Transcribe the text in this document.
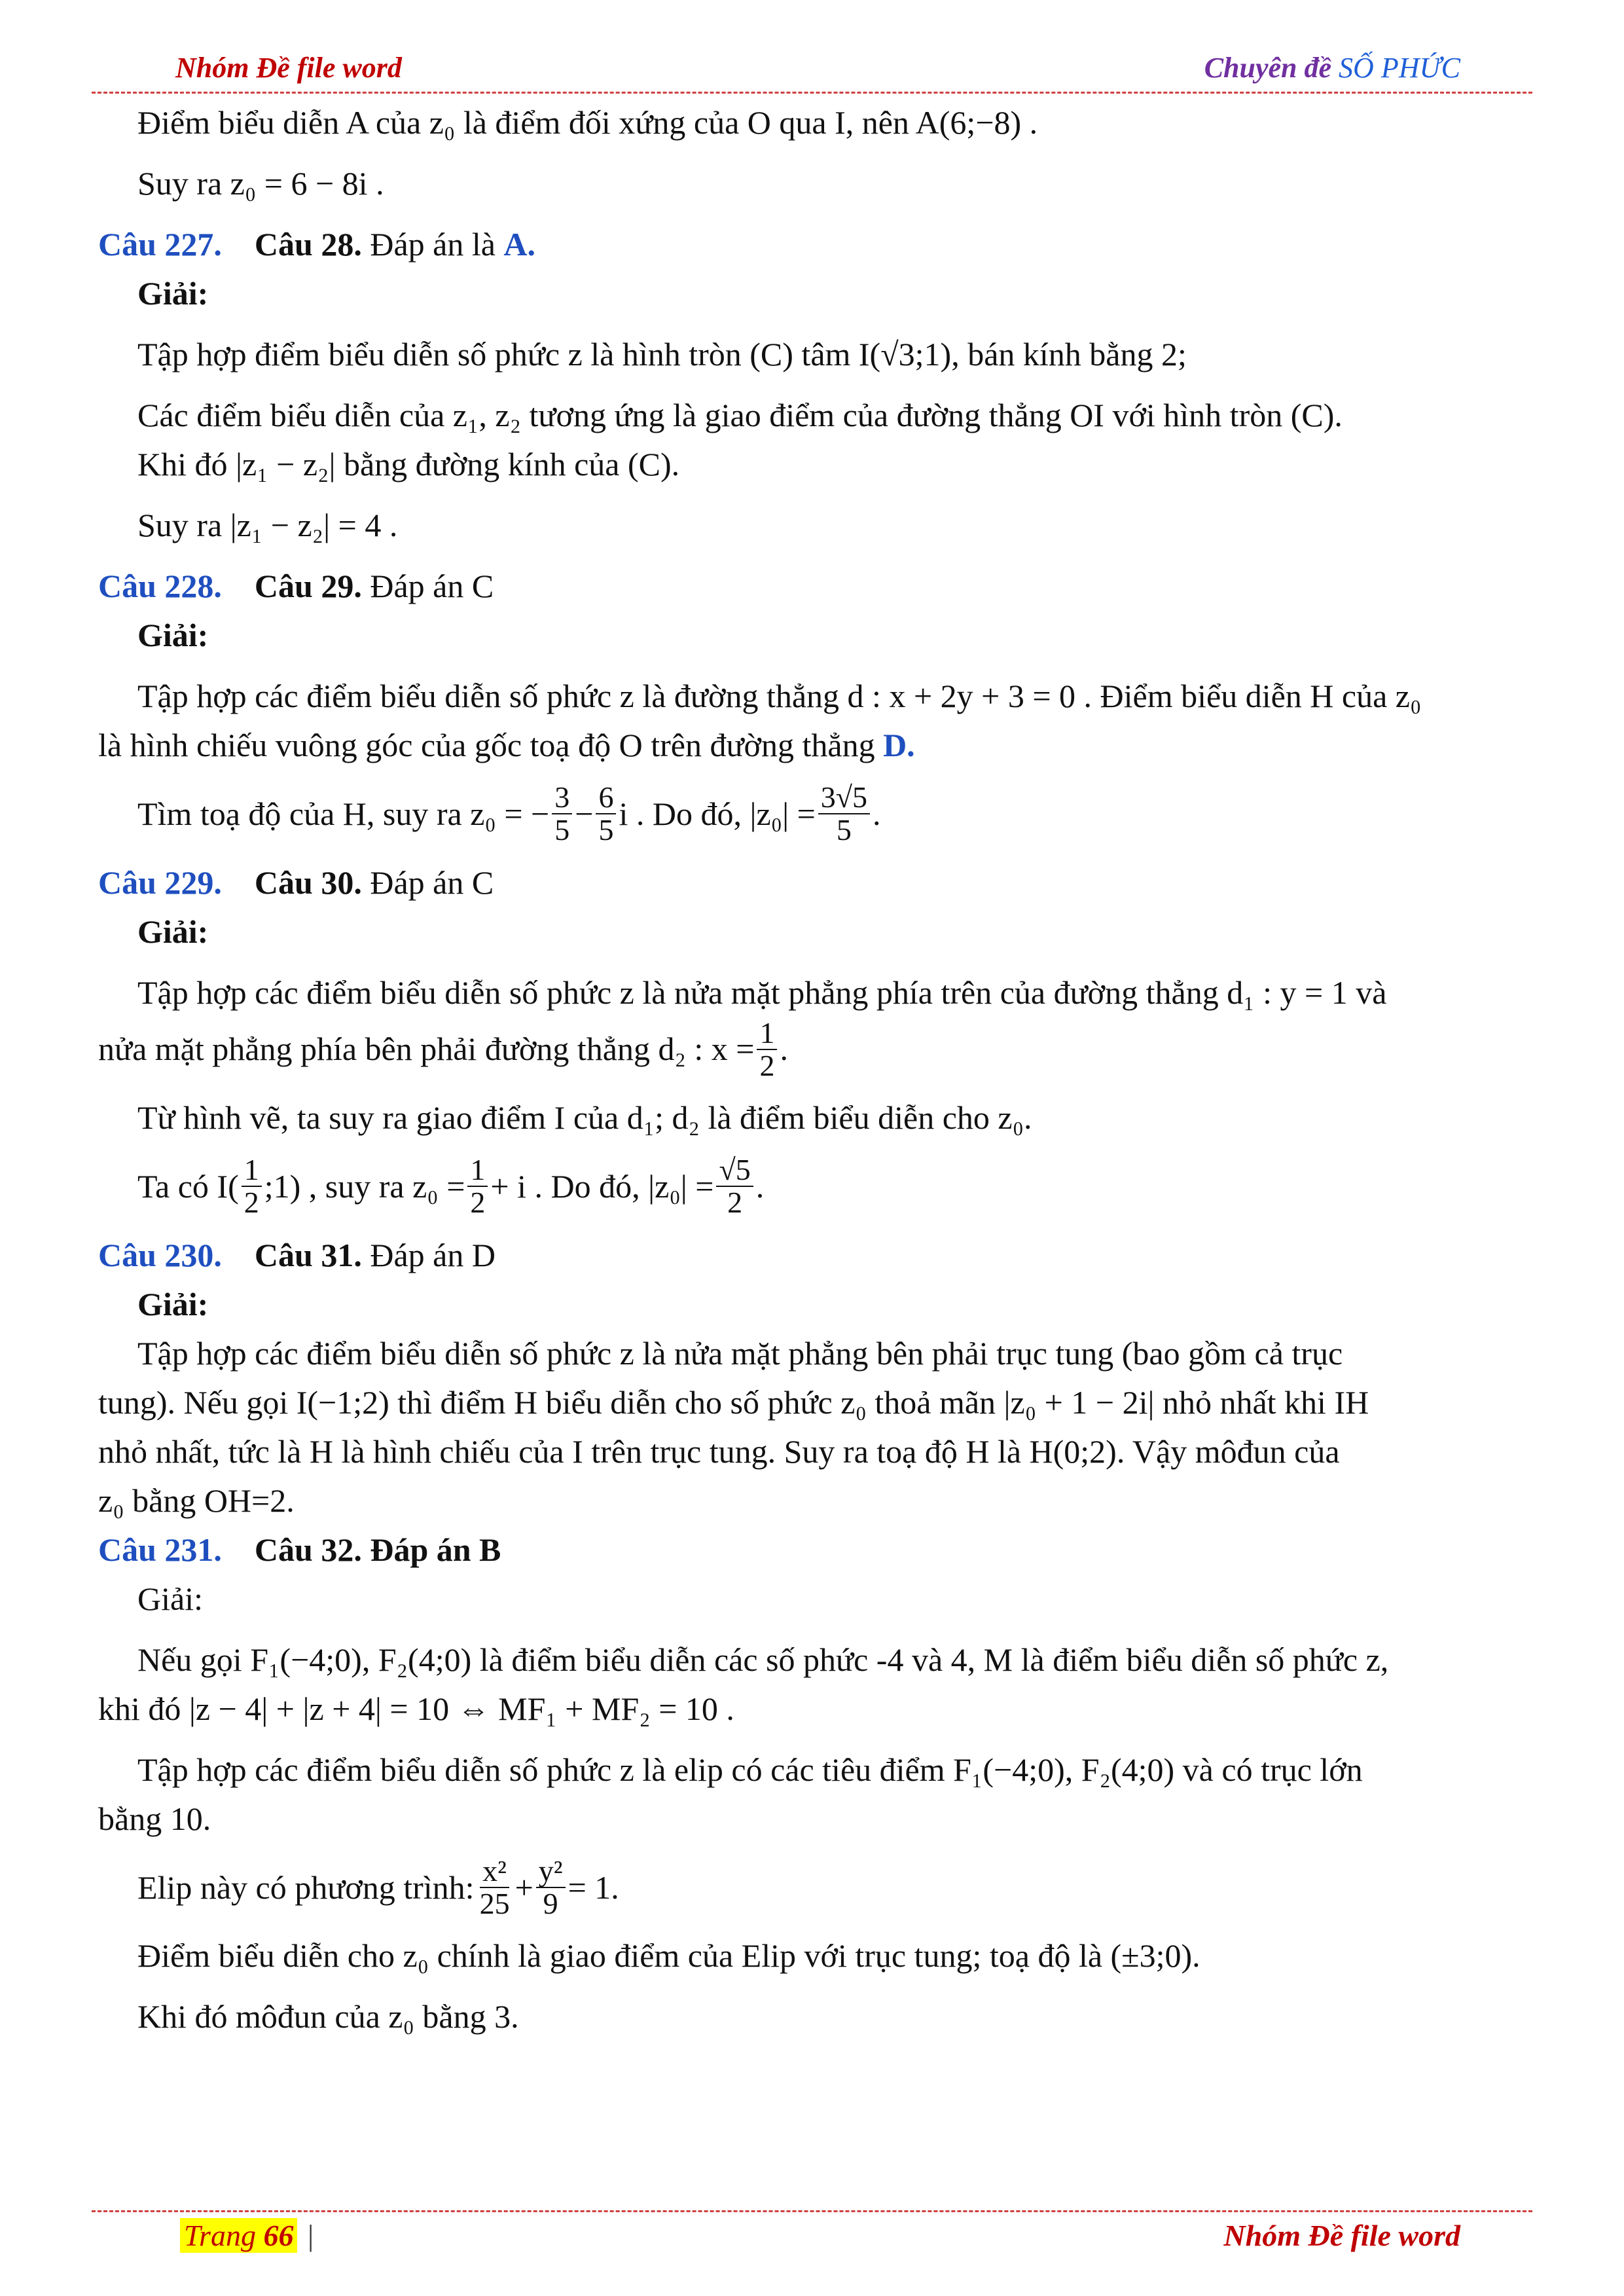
Nhóm Đề file word	Chuyên đề SỐ PHỨC

Điểm biểu diễn A của z₀ là điểm đối xứng của O qua I, nên A(6;−8) .

Suy ra z₀ = 6 − 8i .

Câu 227. Câu 28. Đáp án là A.

Giải:

Tập hợp điểm biểu diễn số phức z là hình tròn (C) tâm I(√3;1), bán kính bằng 2;

Các điểm biểu diễn của z₁, z₂ tương ứng là giao điểm của đường thẳng OI với hình tròn (C).

Khi đó |z₁ − z₂| bằng đường kính của (C).

Suy ra |z₁ − z₂| = 4 .

Câu 228. Câu 29. Đáp án C

Giải:

Tập hợp các điểm biểu diễn số phức z là đường thẳng d : x + 2y + 3 = 0 . Điểm biểu diễn H của z₀

là hình chiếu vuông góc của gốc toạ độ O trên đường thẳng D.

Tìm toạ độ của H, suy ra z₀ = − $\frac{3}{5} - \frac{6}{5}$ i . Do đó, $|z_0| = \frac{3√5}{5}$ .

Câu 229. Câu 30. Đáp án C

Giải:

Tập hợp các điểm biểu diễn số phức z là nửa mặt phẳng phía trên của đường thẳng d₁ : y = 1 và

nửa mặt phẳng phía bên phải đường thẳng d₂ : $x = \frac{1}{2}$ .

Từ hình vẽ, ta suy ra giao điểm I của d₁; d₂ là điểm biểu diễn cho z₀.

Ta có $I( \frac{1}{2}$ ;1) , suy ra $z_0 = \frac{1}{2} + i$ . Do đó, $|z_0| = \frac{√5}{2}$ .

Câu 230. Câu 31. Đáp án D

Giải:

Tập hợp các điểm biểu diễn số phức z là nửa mặt phẳng bên phải trục tung (bao gồm cả trục

tung). Nếu gọi I(−1;2) thì điểm H biểu diễn cho số phức z₀ thoả mãn |z₀ + 1 − 2i| nhỏ nhất khi IH

nhỏ nhất, tức là H là hình chiếu của I trên trục tung. Suy ra toạ độ H là H(0;2). Vậy môđun của

z₀ bằng OH=2.

Câu 231. Câu 32. Đáp án B

Giải:

Nếu gọi F₁(−4;0), F₂(4;0) là điểm biểu diễn các số phức -4 và 4, M là điểm biểu diễn số phức z,

khi đó |z − 4| + |z + 4| = 10 ⇔ MF₁ + MF₂ = 10 .

Tập hợp các điểm biểu diễn số phức z là elip có các tiêu điểm F₁(−4;0), F₂(4;0) và có trục lớn

bằng 10.

Elip này có phương trình: $\frac{\text{x²}}{25} + \frac{\text{y²}}{9} = 1$.

Điểm biểu diễn cho z₀ chính là giao điểm của Elip với trục tung; toạ độ là (±3;0).

Khi đó môđun của z₀ bằng 3.

Trang 66 |	Nhóm Đề file word
